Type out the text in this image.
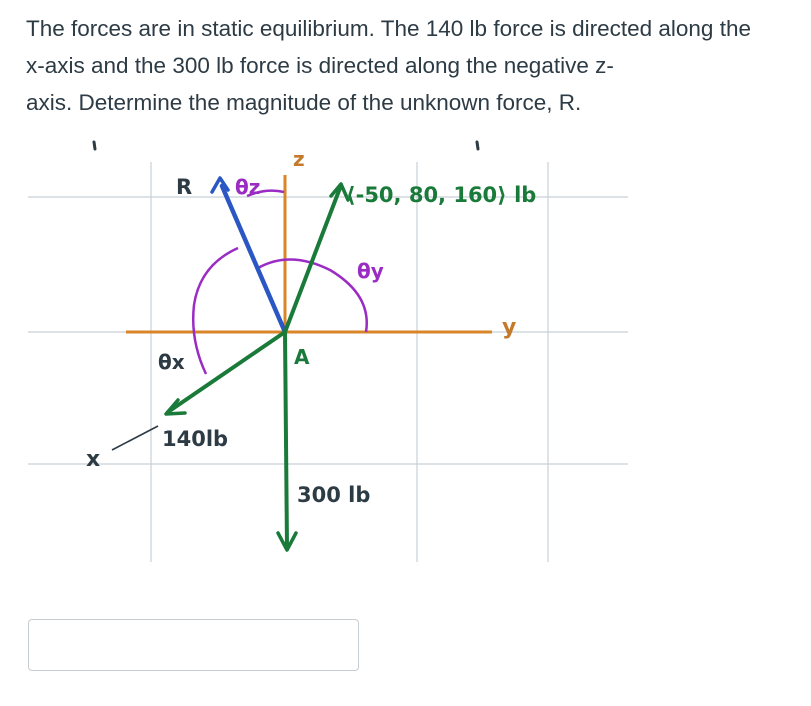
The forces are in static equilibrium. The 140 lb force is directed along the
x-axis and the 300 lb force is directed along the negative z-
axis. Determine the magnitude of the unknown force, R.
z
y
x
R θz
θy
θx	A
⟨-50, 80, 160⟩ lb
140lb
300 lb
